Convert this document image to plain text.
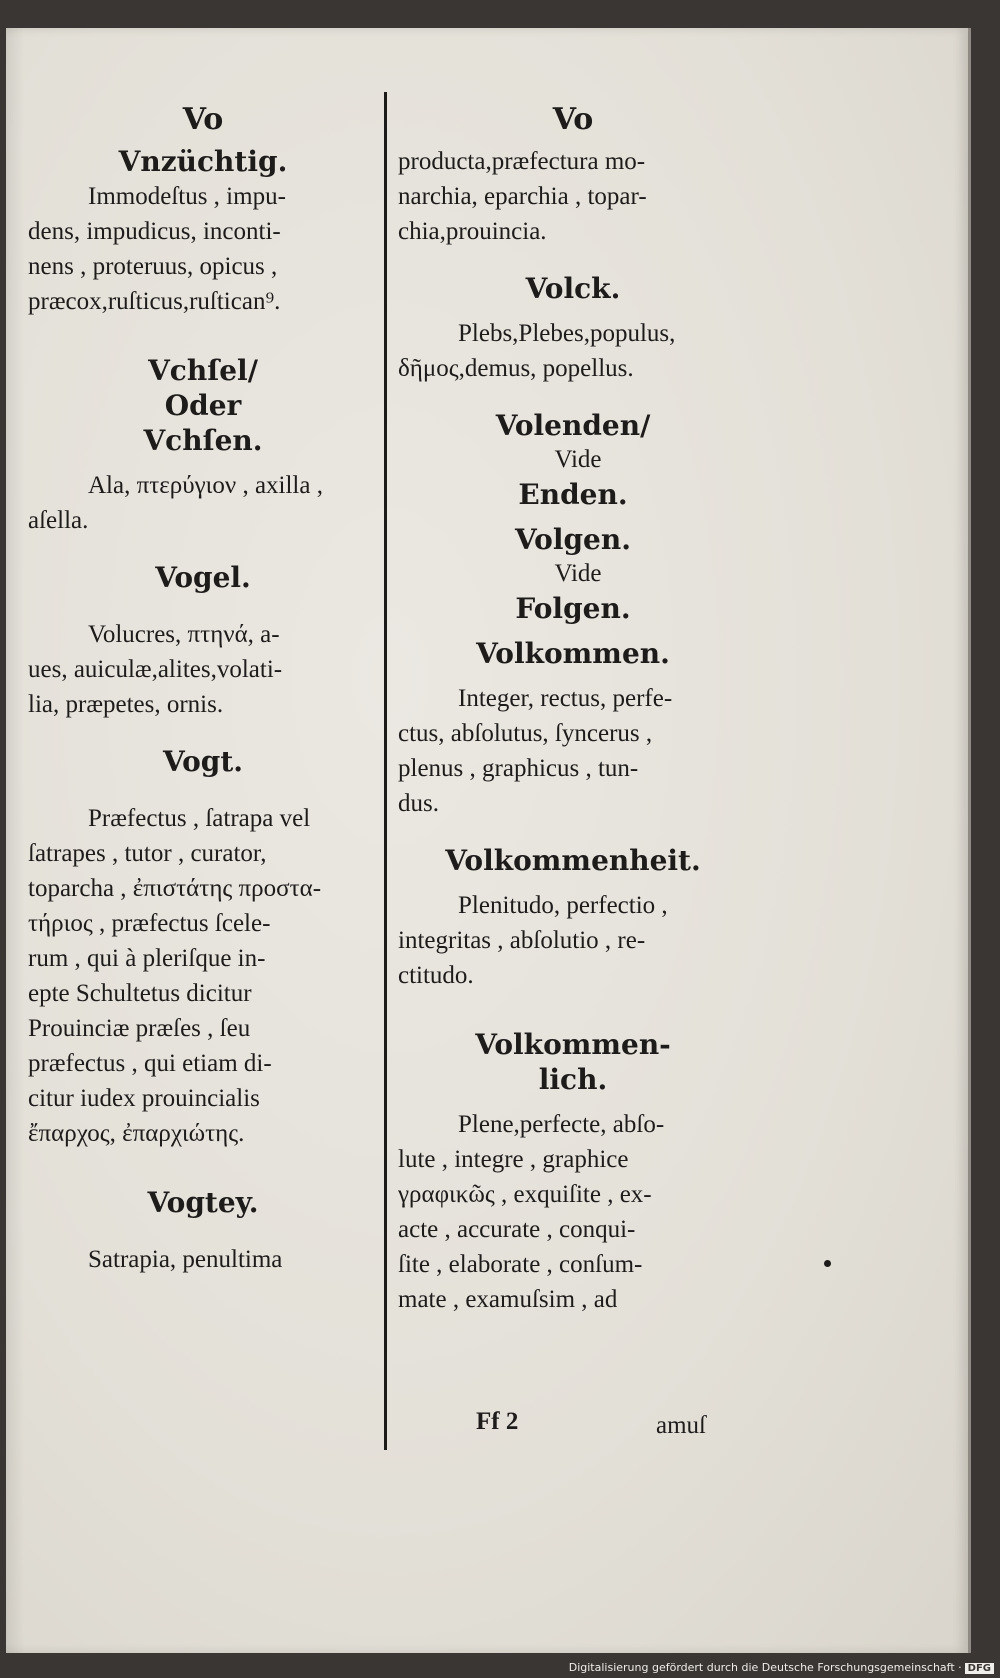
Vo
Vnzüchtig.
Immodeſtus , impu-
dens, impudicus, inconti-
nens , proteruus, opicus ,
præcox,ruſticus,ruſtican⁹.
Vchſel/
Oder
Vchſen.
Ala, πτερύγιον , axilla ,
aſella.
Vogel.
Volucres, πτηνά, a-
ues, auiculæ,alites,volati-
lia, præpetes, ornis.
Vogt.
Præfectus , ſatrapa vel
ſatrapes , tutor , curator,
toparcha , ἐπιστάτης προστα-
τήριος , præfectus ſcele-
rum , qui à pleriſque in-
epte Schultetus dicitur
Prouinciæ præſes , ſeu
præfectus , qui etiam di-
citur iudex prouincialis
ἔπαρχος, ἐπαρχιώτης.
Vogtey.
Satrapia, penultima
Vo
producta,præfectura mo-
narchia, eparchia , topar-
chia,prouincia.
Volck.
Plebs,Plebes,populus,
δῆμος,demus, popellus.
Volenden/
Vide
Enden.
Volgen.
Vide
Folgen.
Volkommen.
Integer, rectus, perfe-
ctus, abſolutus, ſyncerus ,
plenus , graphicus , tun-
dus.
Volkommenheit.
Plenitudo, perfectio ,
integritas , abſolutio , re-
ctitudo.
Volkommen-
lich.
Plene,perfecte, abſo-
lute , integre , graphice
γραφικῶς , exquiſite , ex-
acte , accurate , conqui-
ſite , elaborate , conſum-
mate , examuſsim , ad
Ff 2	amuſ
Digitalisierung gefördert durch die Deutsche Forschungsgemeinschaft · DFG
